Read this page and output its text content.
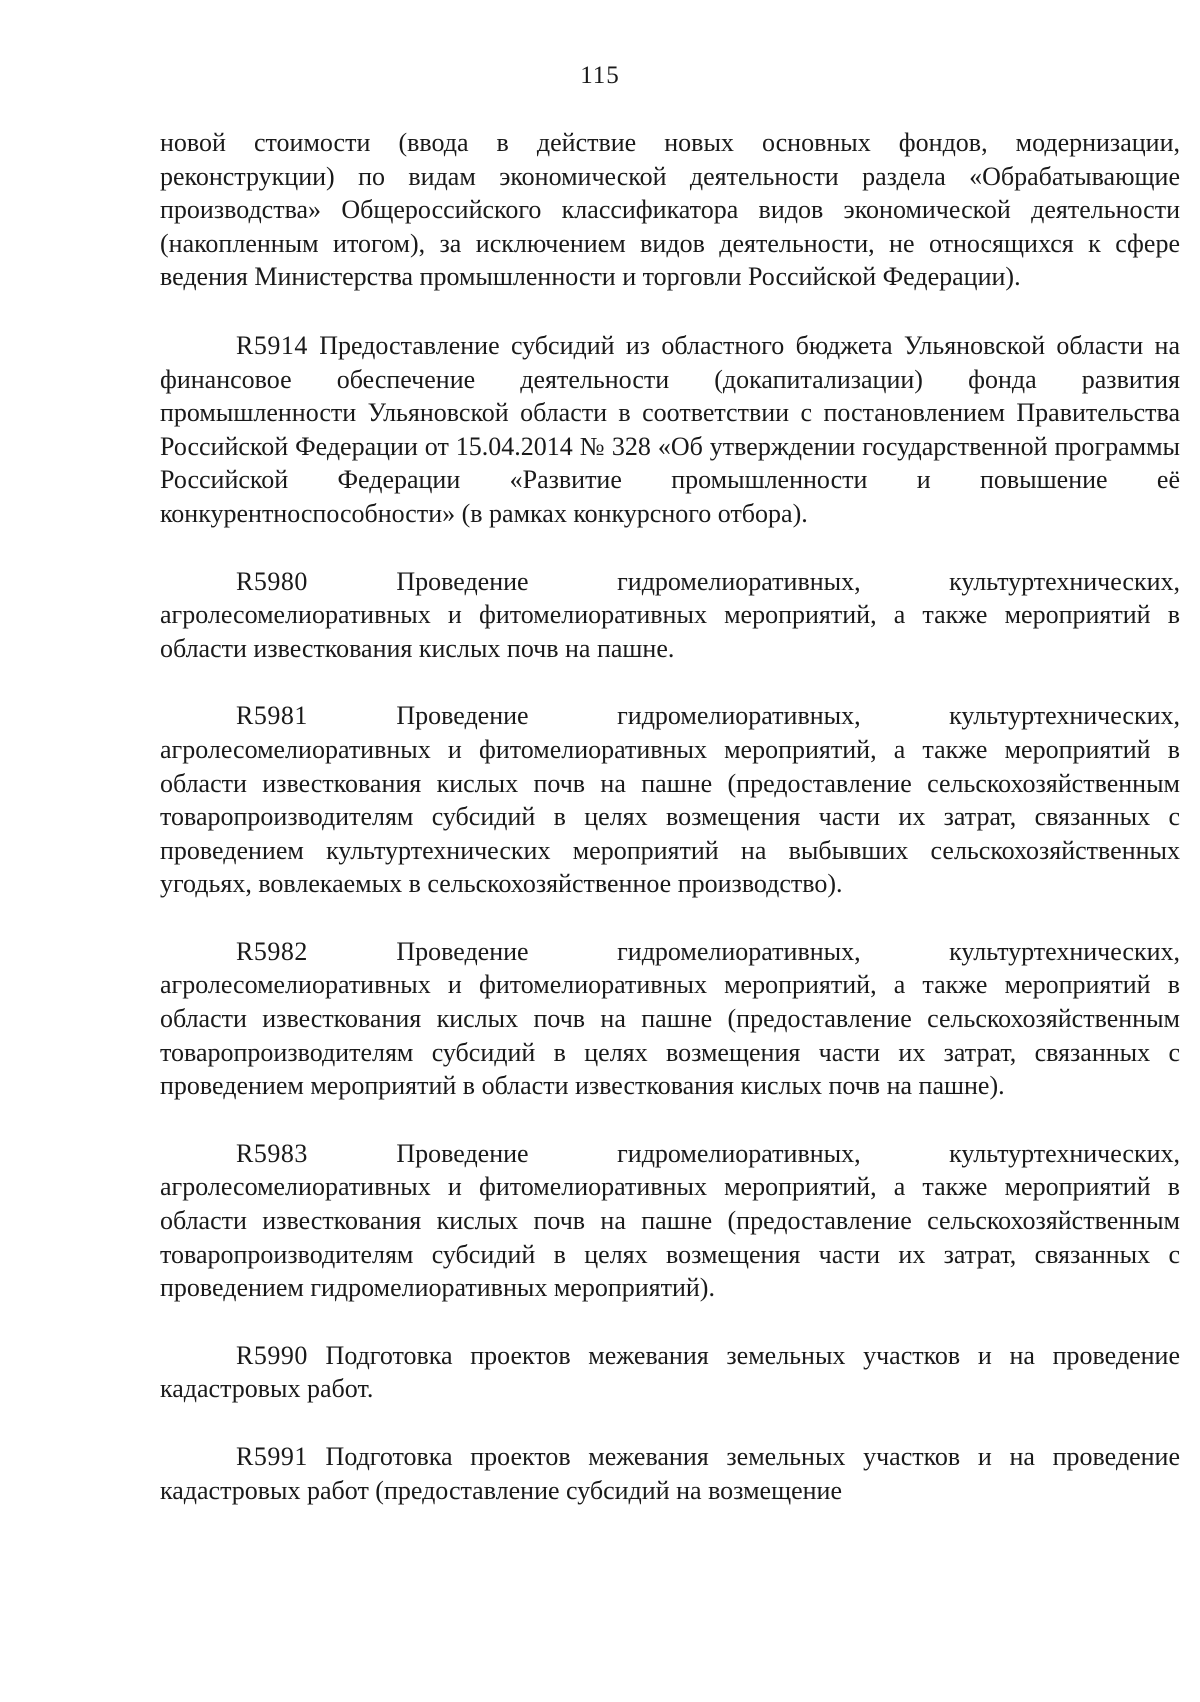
115

новой стоимости (ввода в действие новых основных фондов, модернизации, реконструкции) по видам экономической деятельности раздела «Обрабатывающие производства» Общероссийского классификатора видов экономической деятельности (накопленным итогом), за исключением видов деятельности, не относящихся к сфере ведения Министерства промышленности и торговли Российской Федерации).

R5914 Предоставление субсидий из областного бюджета Ульяновской области на финансовое обеспечение деятельности (докапитализации) фонда развития промышленности Ульяновской области в соответствии с постановлением Правительства Российской Федерации от 15.04.2014 № 328 «Об утверждении государственной программы Российской Федерации «Развитие промышленности и повышение её конкурентноспособности» (в рамках конкурсного отбора).

R5980	Проведение гидромелиоративных, культуртехнических, агролесомелиоративных и фитомелиоративных мероприятий, а также мероприятий в области известкования кислых почв на пашне.

R5981	Проведение гидромелиоративных, культуртехнических, агролесомелиоративных и фитомелиоративных мероприятий, а также мероприятий в области известкования кислых почв на пашне (предоставление сельскохозяйственным товаропроизводителям субсидий в целях возмещения части их затрат, связанных с проведением культуртехнических мероприятий на выбывших сельскохозяйственных угодьях, вовлекаемых в сельскохозяйственное производство).

R5982	Проведение гидромелиоративных, культуртехнических, агролесомелиоративных и фитомелиоративных мероприятий, а также мероприятий в области известкования кислых почв на пашне (предоставление сельскохозяйственным товаропроизводителям субсидий в целях возмещения части их затрат, связанных с проведением мероприятий в области известкования кислых почв на пашне).

R5983	Проведение гидромелиоративных, культуртехнических, агролесомелиоративных и фитомелиоративных мероприятий, а также мероприятий в области известкования кислых почв на пашне (предоставление сельскохозяйственным товаропроизводителям субсидий в целях возмещения части их затрат, связанных с проведением гидромелиоративных мероприятий).

R5990 Подготовка проектов межевания земельных участков и на проведение кадастровых работ.

R5991 Подготовка проектов межевания земельных участков и на проведение кадастровых работ (предоставление субсидий на возмещение
